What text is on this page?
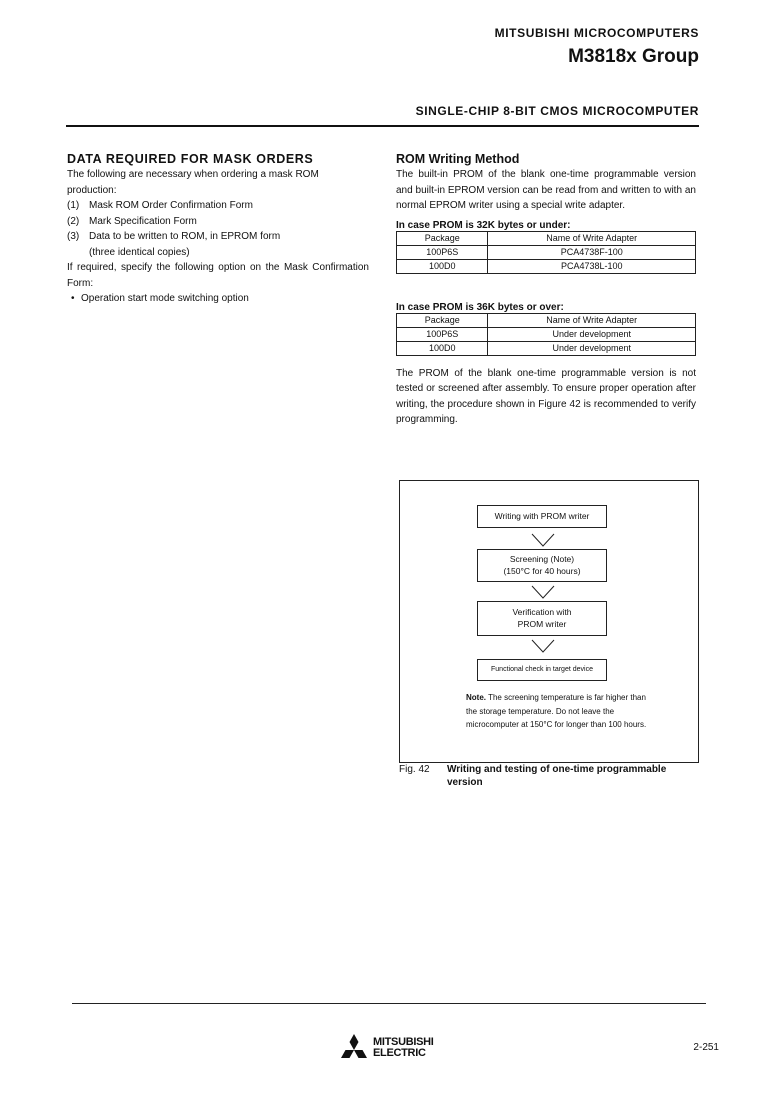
MITSUBISHI MICROCOMPUTERS
M3818x Group
SINGLE-CHIP 8-BIT CMOS MICROCOMPUTER
DATA REQUIRED FOR MASK ORDERS
The following are necessary when ordering a mask ROM production:
(1) Mask ROM Order Confirmation Form
(2) Mark Specification Form
(3) Data to be written to ROM, in EPROM form
(three identical copies)
If required, specify the following option on the Mask Confirmation Form:
• Operation start mode switching option
ROM Writing Method
The built-in PROM of the blank one-time programmable version and built-in EPROM version can be read from and written to with an normal EPROM writer using a special write adapter.
In case PROM is 32K bytes or under:
Package	Name of Write Adapter
100P6S	PCA4738F-100
100D0	PCA4738L-100
In case PROM is 36K bytes or over:
Package	Name of Write Adapter
100P6S	Under development
100D0	Under development
The PROM of the blank one-time programmable version is not tested or screened after assembly. To ensure proper operation after writing, the procedure shown in Figure 42 is recommended to verify programming.
Writing with PROM writer
Screening (Note)
(150°C for 40 hours)
Verification with
PROM writer
Functional check in target device
Note. The screening temperature is far higher than the storage temperature. Do not leave the microcomputer at 150°C for longer than 100 hours.
Fig. 42	Writing and testing of one-time programmable version
MITSUBISHI
ELECTRIC	2-251
